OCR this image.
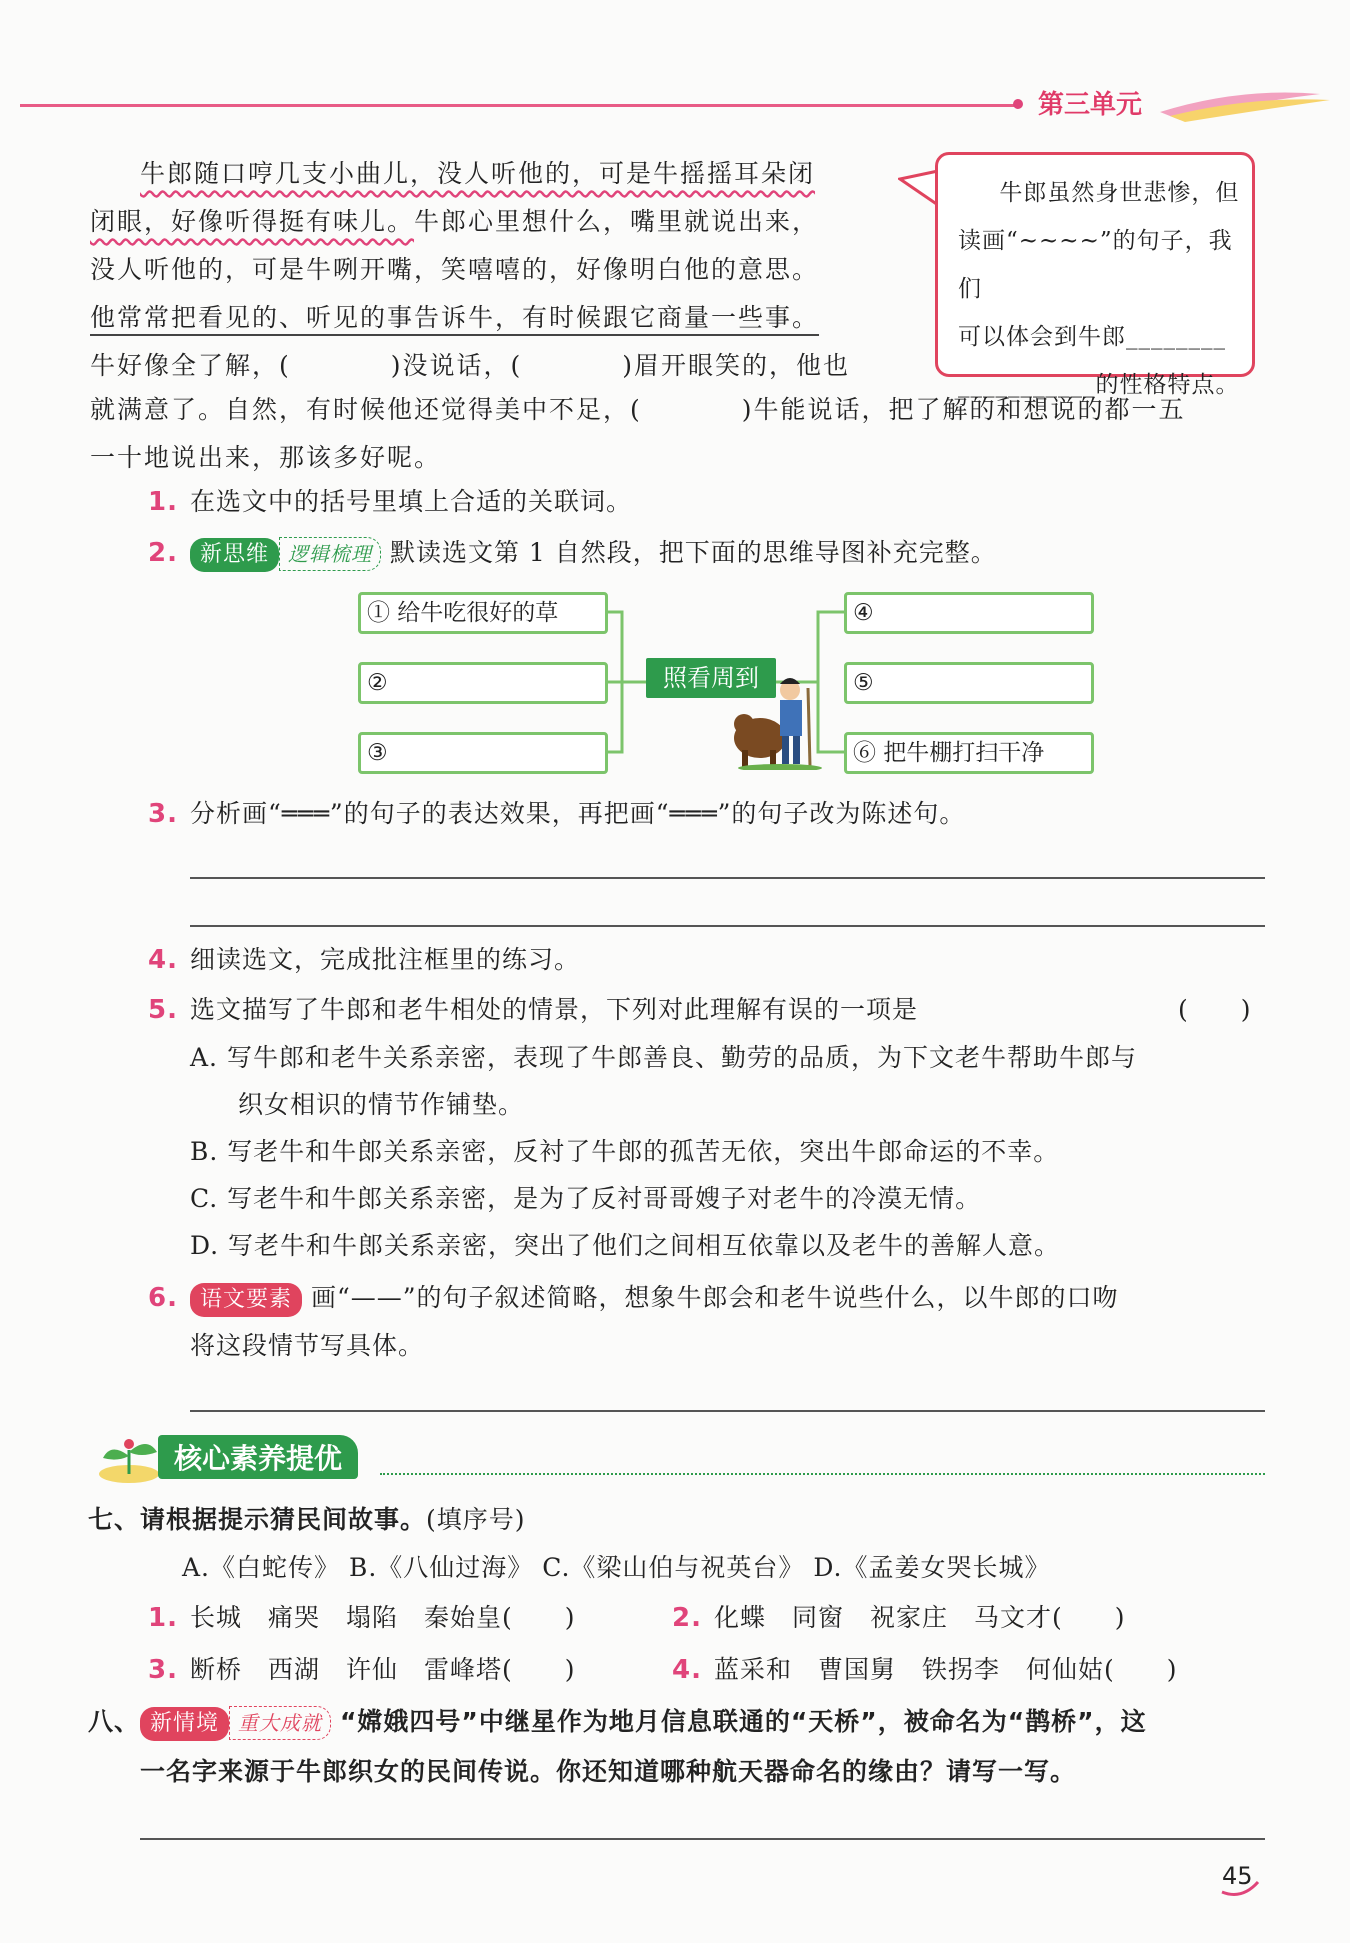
第三单元
牛郎随口哼几支小曲儿，没人听他的，可是牛摇摇耳朵闭
闭眼，好像听得挺有味儿。牛郎心里想什么，嘴里就说出来，
没人听他的，可是牛咧开嘴，笑嘻嘻的，好像明白他的意思。
他常常把看见的、听见的事告诉牛，有时候跟它商量一些事。
牛好像全了解，(	)没说话，(	)眉开眼笑的，他也
就满意了。自然，有时候他还觉得美中不足，(	)牛能说话，把了解的和想说的都一五
一十地说出来，那该多好呢。
牛郎虽然身世悲惨，但
读画“~~~~”的句子，我们
可以体会到牛郎________
___________的性格特点。
1. 在选文中的括号里填上合适的关联词。
2. 新思维 逻辑梳理 默读选文第 1 自然段，把下面的思维导图补充完整。
① 给牛吃很好的草
②
③
照看周到
④
⑤
⑥ 把牛棚打扫干净
3. 分析画“═══”的句子的表达效果，再把画“═══”的句子改为陈述句。
4. 细读选文，完成批注框里的练习。
5. 选文描写了牛郎和老牛相处的情景，下列对此理解有误的一项是	(　　)
A. 写牛郎和老牛关系亲密，表现了牛郎善良、勤劳的品质，为下文老牛帮助牛郎与
织女相识的情节作铺垫。
B. 写老牛和牛郎关系亲密，反衬了牛郎的孤苦无依，突出牛郎命运的不幸。
C. 写老牛和牛郎关系亲密，是为了反衬哥哥嫂子对老牛的冷漠无情。
D. 写老牛和牛郎关系亲密，突出了他们之间相互依靠以及老牛的善解人意。
6. 语文要素 画“——”的句子叙述简略，想象牛郎会和老牛说些什么，以牛郎的口吻
将这段情节写具体。
核心素养提优
七、请根据提示猜民间故事。(填序号)
A.《白蛇传》 B.《八仙过海》 C.《梁山伯与祝英台》 D.《孟姜女哭长城》
1. 长城　痛哭　塌陷　秦始皇(　　)	2. 化蝶　同窗　祝家庄　马文才(　　)
3. 断桥　西湖　许仙　雷峰塔(　　)	4. 蓝采和　曹国舅　铁拐李　何仙姑(　　)
八、 新情境 重大成就 “嫦娥四号”中继星作为地月信息联通的“天桥”，被命名为“鹊桥”，这
一名字来源于牛郎织女的民间传说。你还知道哪种航天器命名的缘由？请写一写。
45
